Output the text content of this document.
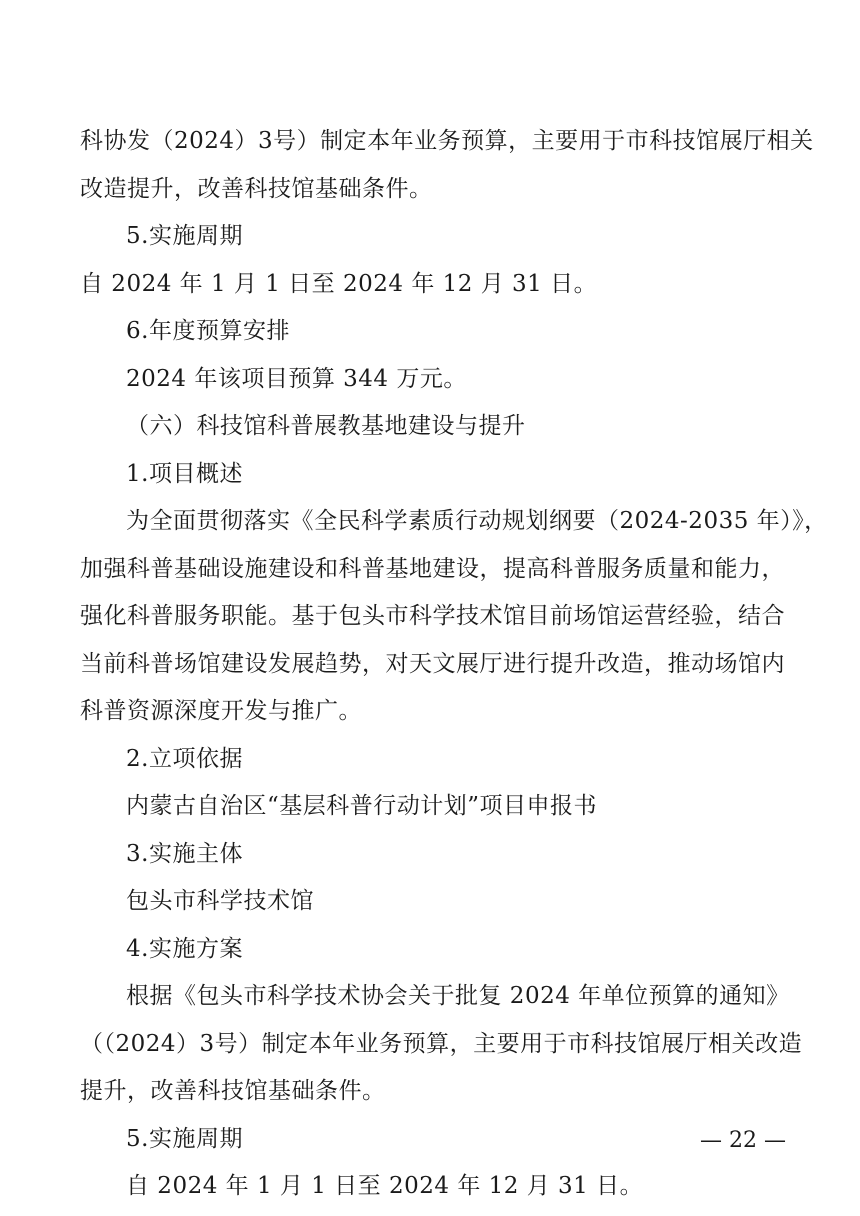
科协发（2024）3号）制定本年业务预算，主要用于市科技馆展厅相关
改造提升，改善科技馆基础条件。
5.实施周期
自 2024 年 1 月 1 日至 2024 年 12 月 31 日。
6.年度预算安排
2024 年该项目预算 344 万元。
（六）科技馆科普展教基地建设与提升
1.项目概述
为全面贯彻落实《全民科学素质行动规划纲要（2024-2035 年）》，
加强科普基础设施建设和科普基地建设，提高科普服务质量和能力，
强化科普服务职能。基于包头市科学技术馆目前场馆运营经验，结合
当前科普场馆建设发展趋势，对天文展厅进行提升改造，推动场馆内
科普资源深度开发与推广。
2.立项依据
内蒙古自治区“基层科普行动计划”项目申报书
3.实施主体
包头市科学技术馆
4.实施方案
根据《包头市科学技术协会关于批复 2024 年单位预算的通知》
（（2024）3号）制定本年业务预算，主要用于市科技馆展厅相关改造
提升，改善科技馆基础条件。
5.实施周期
自 2024 年 1 月 1 日至 2024 年 12 月 31 日。
— 22 —
